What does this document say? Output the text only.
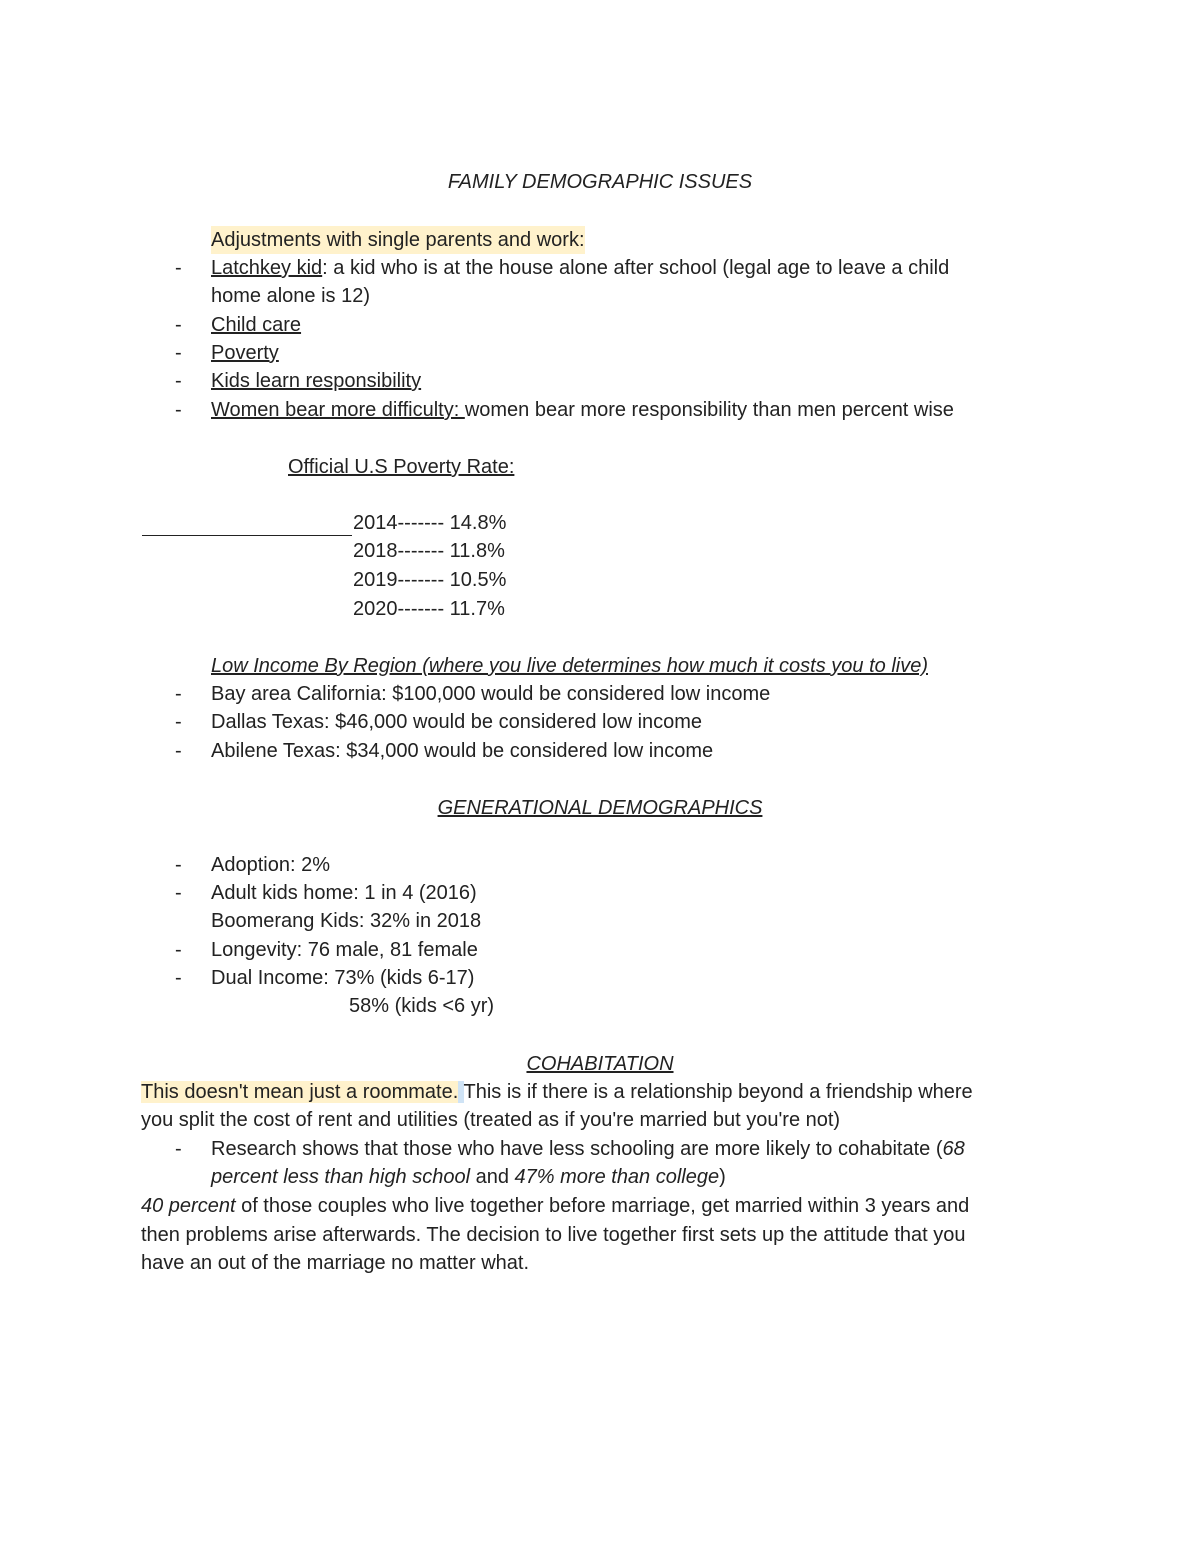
FAMILY DEMOGRAPHIC ISSUES
Adjustments with single parents and work:
- Latchkey kid: a kid who is at the house alone after school (legal age to leave a child
home alone is 12)
- Child care
- Poverty
- Kids learn responsibility
- Women bear more difficulty: women bear more responsibility than men percent wise
Official U.S Poverty Rate:
2014------- 14.8%
2018------- 11.8%
2019------- 10.5%
2020------- 11.7%
Low Income By Region (where you live determines how much it costs you to live)
- Bay area California: $100,000 would be considered low income
- Dallas Texas: $46,000 would be considered low income
- Abilene Texas: $34,000 would be considered low income
GENERATIONAL DEMOGRAPHICS
- Adoption: 2%
- Adult kids home: 1 in 4 (2016)
Boomerang Kids: 32% in 2018
- Longevity: 76 male, 81 female
- Dual Income: 73% (kids 6-17)
58% (kids <6 yr)
COHABITATION
This doesn't mean just a roommate. This is if there is a relationship beyond a friendship where
you split the cost of rent and utilities (treated as if you're married but you're not)
- Research shows that those who have less schooling are more likely to cohabitate (68
percent less than high school and 47% more than college)
40 percent of those couples who live together before marriage, get married within 3 years and
then problems arise afterwards. The decision to live together first sets up the attitude that you
have an out of the marriage no matter what.
